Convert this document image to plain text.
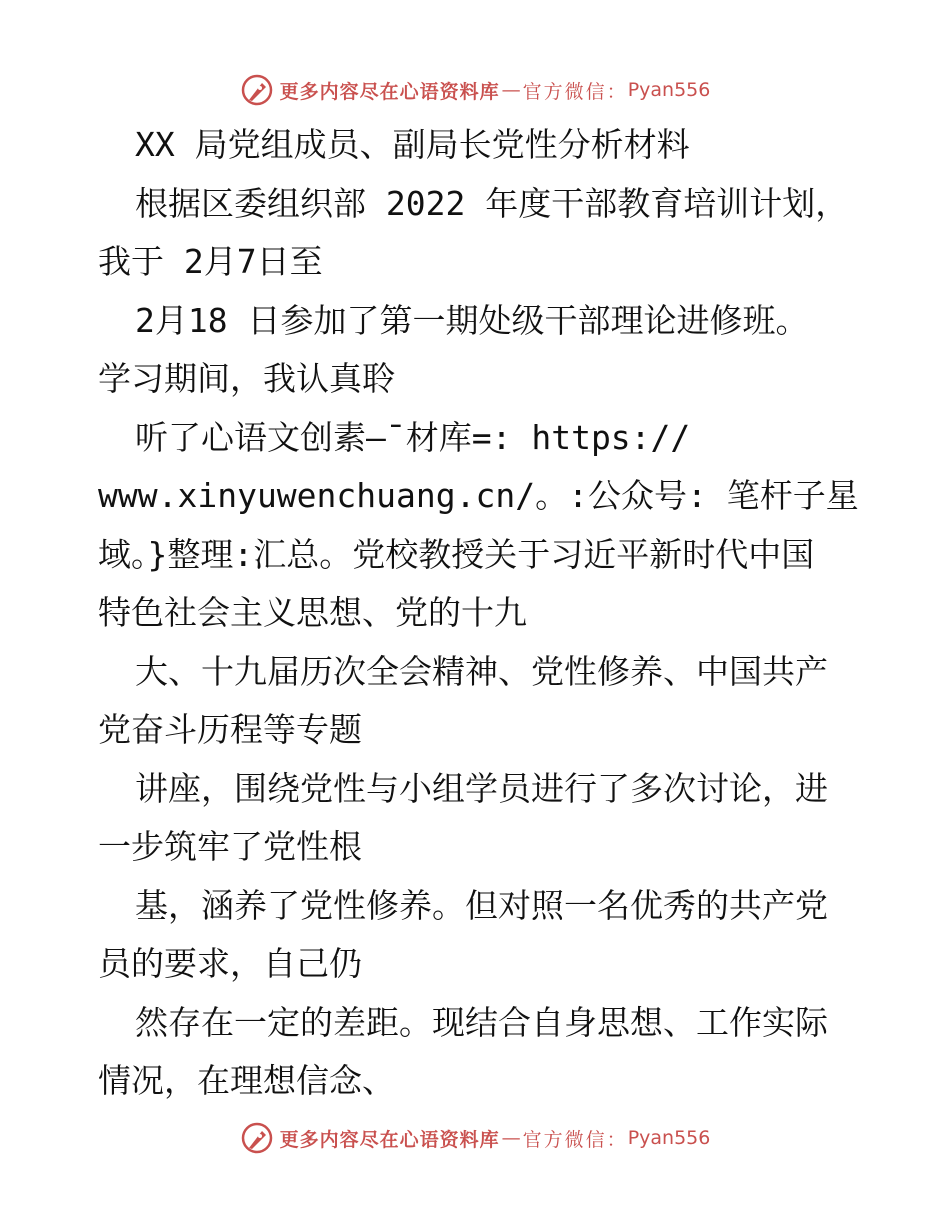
更多内容尽在心语资料库 — 官方微信： Pyan556
XX 局党组成员、副局长党性分析材料
根据区委组织部 2022 年度干部教育培训计划，
我于 2月7日至
2月18 日参加了第一期处级干部理论进修班。
学习期间，我认真聆
听了心语文创素—¯材库=: https://
www.xinyuwenchuang.cn/。:公众号: 笔杆子星
域。}整理:汇总。党校教授关于习近平新时代中国
特色社会主义思想、党的十九
大、十九届历次全会精神、党性修养、中国共产
党奋斗历程等专题
讲座，围绕党性与小组学员进行了多次讨论，进
一步筑牢了党性根
基，涵养了党性修养。但对照一名优秀的共产党
员的要求，自己仍
然存在一定的差距。现结合自身思想、工作实际
情况，在理想信念、
更多内容尽在心语资料库 — 官方微信： Pyan556
